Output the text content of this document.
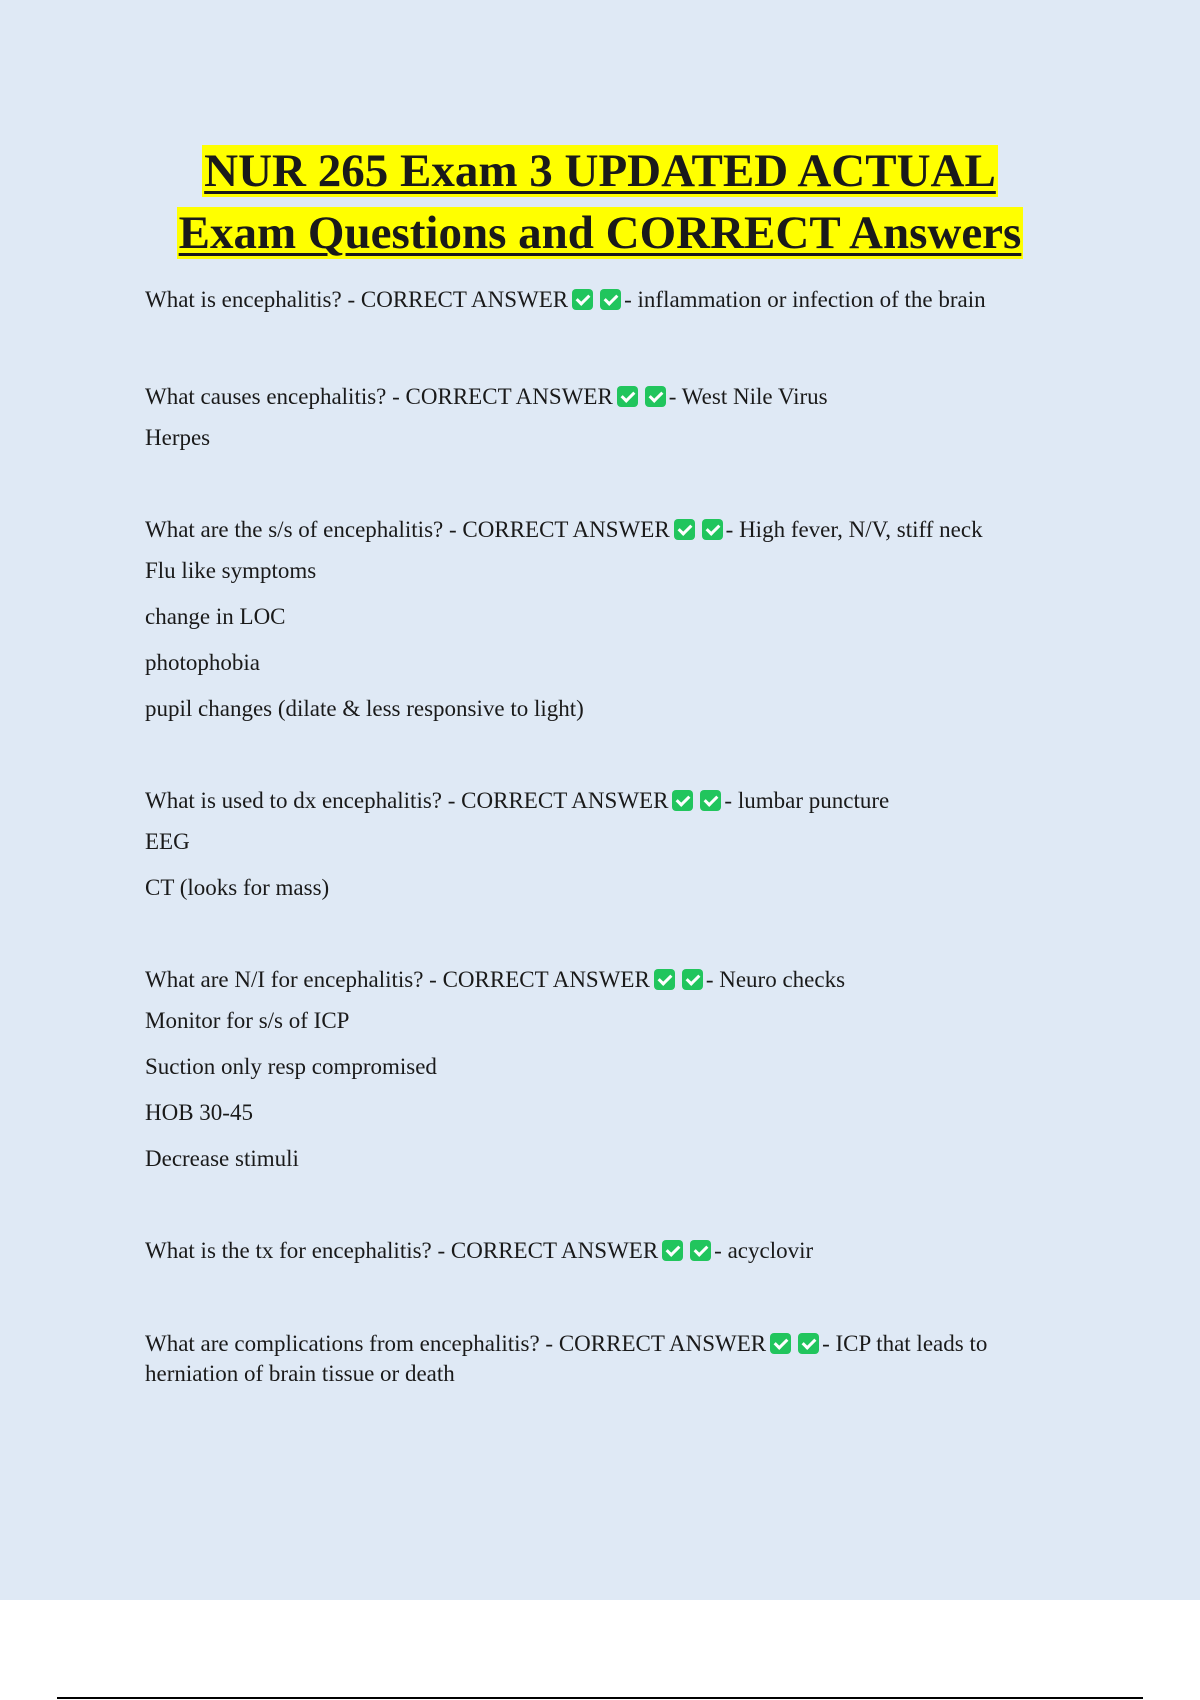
NUR 265 Exam 3 UPDATED ACTUAL
Exam Questions and CORRECT Answers

What is encephalitis? - CORRECT ANSWER - inflammation or infection of the brain

What causes encephalitis? - CORRECT ANSWER - West Nile Virus

Herpes

What are the s/s of encephalitis? - CORRECT ANSWER - High fever, N/V, stiff neck

Flu like symptoms

change in LOC

photophobia

pupil changes (dilate & less responsive to light)

What is used to dx encephalitis? - CORRECT ANSWER - lumbar puncture

EEG

CT (looks for mass)

What are N/I for encephalitis? - CORRECT ANSWER - Neuro checks

Monitor for s/s of ICP

Suction only resp compromised

HOB 30-45

Decrease stimuli

What is the tx for encephalitis? - CORRECT ANSWER - acyclovir

What are complications from encephalitis? - CORRECT ANSWER - ICP that leads to herniation of brain tissue or death
